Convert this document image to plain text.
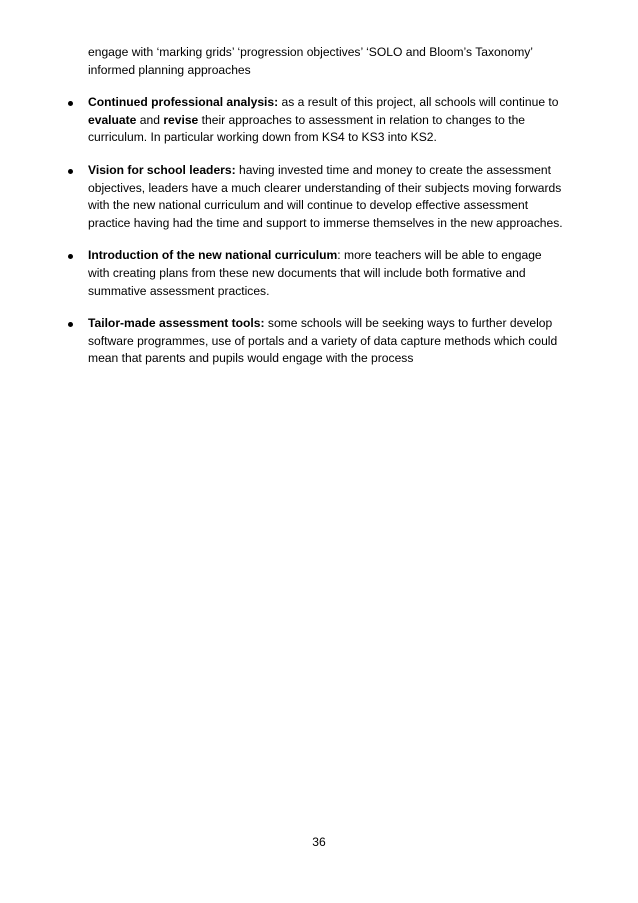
engage with ‘marking grids’ ‘progression objectives’ ‘SOLO and Bloom’s Taxonomy’ informed planning approaches

Continued professional analysis: as a result of this project, all schools will continue to evaluate and revise their approaches to assessment in relation to changes to the curriculum. In particular working down from KS4 to KS3 into KS2.
Vision for school leaders: having invested time and money to create the assessment objectives, leaders have a much clearer understanding of their subjects moving forwards with the new national curriculum and will continue to develop effective assessment practice having had the time and support to immerse themselves in the new approaches.
Introduction of the new national curriculum: more teachers will be able to engage with creating plans from these new documents that will include both formative and summative assessment practices.
Tailor-made assessment tools: some schools will be seeking ways to further develop software programmes, use of portals and a variety of data capture methods which could mean that parents and pupils would engage with the process
36
